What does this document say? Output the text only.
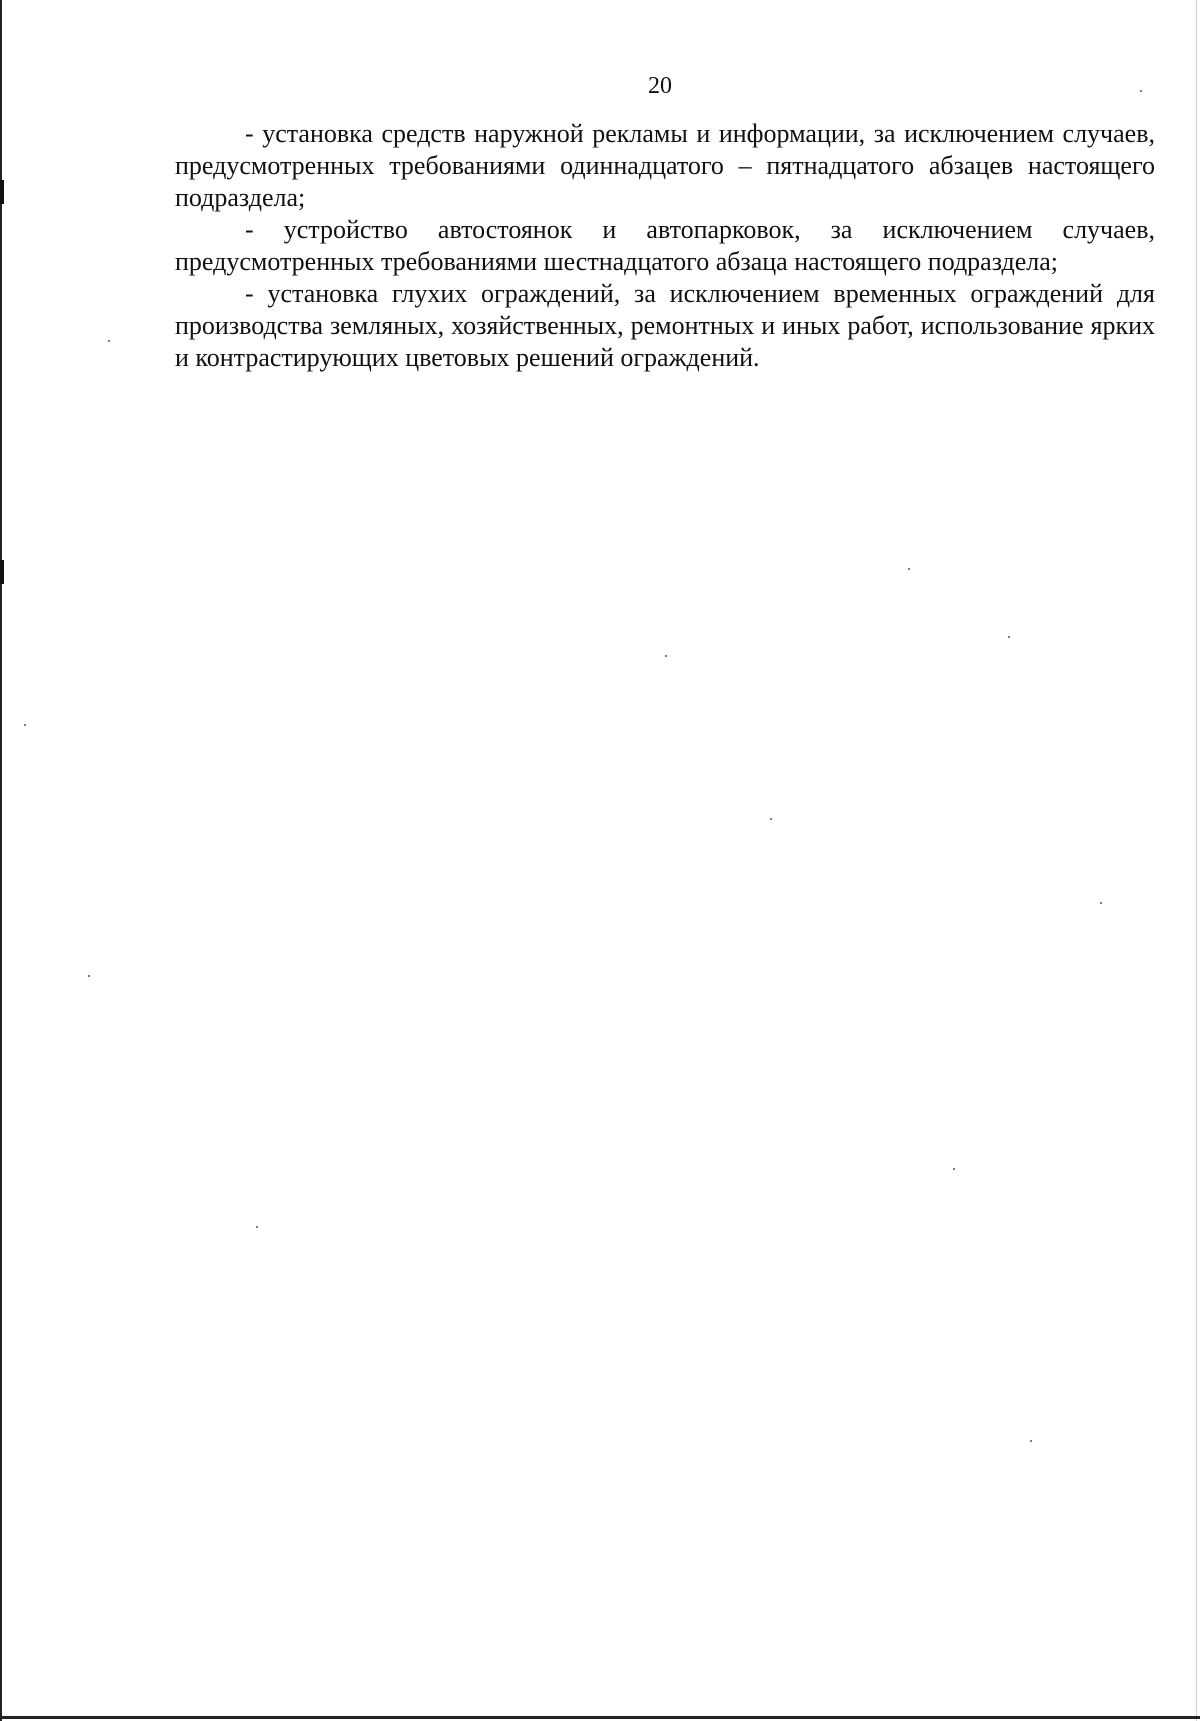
20

- установка средств наружной рекламы и информации, за исключением случаев, предусмотренных требованиями одиннадцатого – пятнадцатого абзацев настоящего подраздела;

- устройство автостоянок и автопарковок, за исключением случаев, предусмотренных требованиями шестнадцатого абзаца настоящего подраздела;

- установка глухих ограждений, за исключением временных ограждений для производства земляных, хозяйственных, ремонтных и иных работ, использование ярких и контрастирующих цветовых решений ограждений.
